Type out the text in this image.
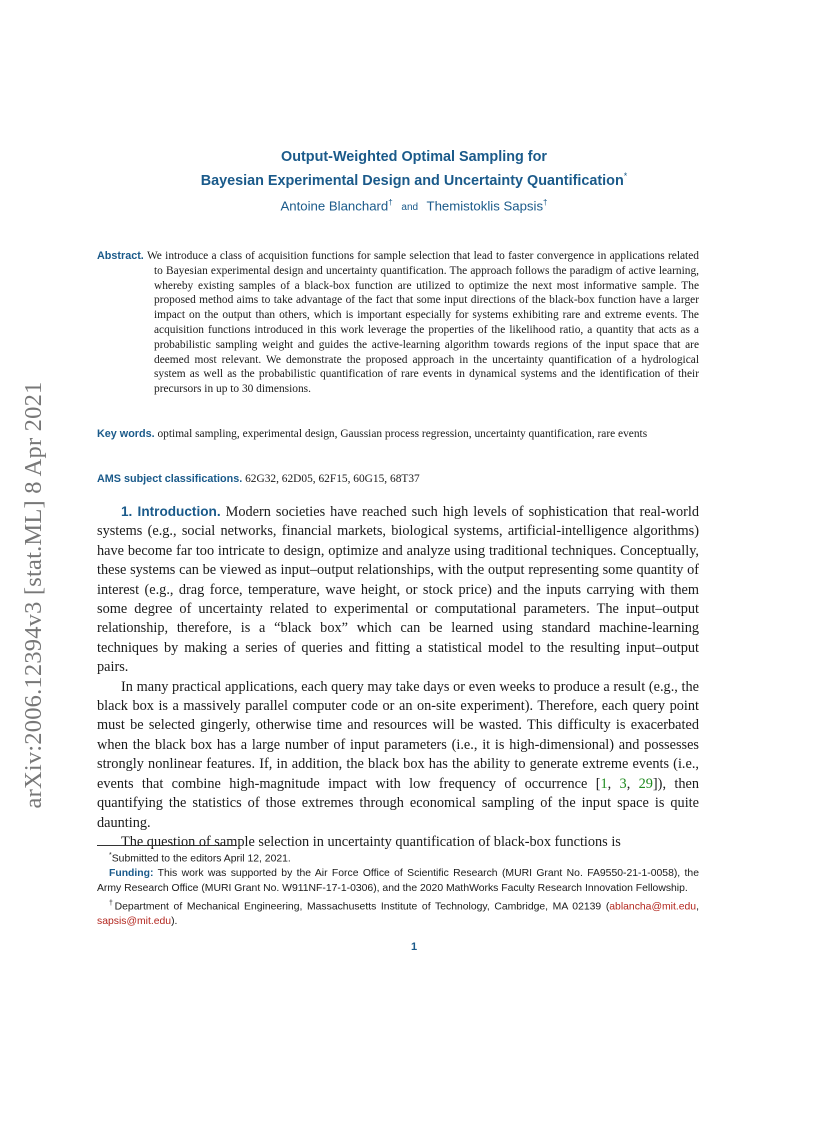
arXiv:2006.12394v3 [stat.ML] 8 Apr 2021
Output-Weighted Optimal Sampling for
Bayesian Experimental Design and Uncertainty Quantification*
Antoine Blanchard† and Themistoklis Sapsis†

Abstract. We introduce a class of acquisition functions for sample selection that lead to faster convergence in applications related to Bayesian experimental design and uncertainty quantification. The approach follows the paradigm of active learning, whereby existing samples of a black-box function are utilized to optimize the next most informative sample. The proposed method aims to take advantage of the fact that some input directions of the black-box function have a larger impact on the output than others, which is important especially for systems exhibiting rare and extreme events. The acquisition functions introduced in this work leverage the properties of the likelihood ratio, a quantity that acts as a probabilistic sampling weight and guides the active-learning algorithm towards regions of the input space that are deemed most relevant. We demonstrate the proposed approach in the uncertainty quantification of a hydrological system as well as the probabilistic quantification of rare events in dynamical systems and the identification of their precursors in up to 30 dimensions.

Key words. optimal sampling, experimental design, Gaussian process regression, uncertainty quantification, rare events

AMS subject classifications. 62G32, 62D05, 62F15, 60G15, 68T37

1. Introduction. Modern societies have reached such high levels of sophistication that real-world systems (e.g., social networks, financial markets, biological systems, artificial-intelligence algorithms) have become far too intricate to design, optimize and analyze using traditional techniques. Conceptually, these systems can be viewed as input–output relationships, with the output representing some quantity of interest (e.g., drag force, temperature, wave height, or stock price) and the inputs carrying with them some degree of uncertainty related to experimental or computational parameters. The input–output relationship, therefore, is a “black box” which can be learned using standard machine-learning techniques by making a series of queries and fitting a statistical model to the resulting input–output pairs.

In many practical applications, each query may take days or even weeks to produce a result (e.g., the black box is a massively parallel computer code or an on-site experiment). Therefore, each query point must be selected gingerly, otherwise time and resources will be wasted. This difficulty is exacerbated when the black box has a large number of input parameters (i.e., it is high-dimensional) and possesses strongly nonlinear features. If, in addition, the black box has the ability to generate extreme events (i.e., events that combine high-magnitude impact with low frequency of occurrence [1, 3, 29]), then quantifying the statistics of those extremes through economical sampling of the input space is quite daunting.

The question of sample selection in uncertainty quantification of black-box functions is

*Submitted to the editors April 12, 2021.

Funding: This work was supported by the Air Force Office of Scientific Research (MURI Grant No. FA9550-21-1-0058), the Army Research Office (MURI Grant No. W911NF-17-1-0306), and the 2020 MathWorks Faculty Research Innovation Fellowship.

†Department of Mechanical Engineering, Massachusetts Institute of Technology, Cambridge, MA 02139 (ablancha@mit.edu, sapsis@mit.edu).

1
